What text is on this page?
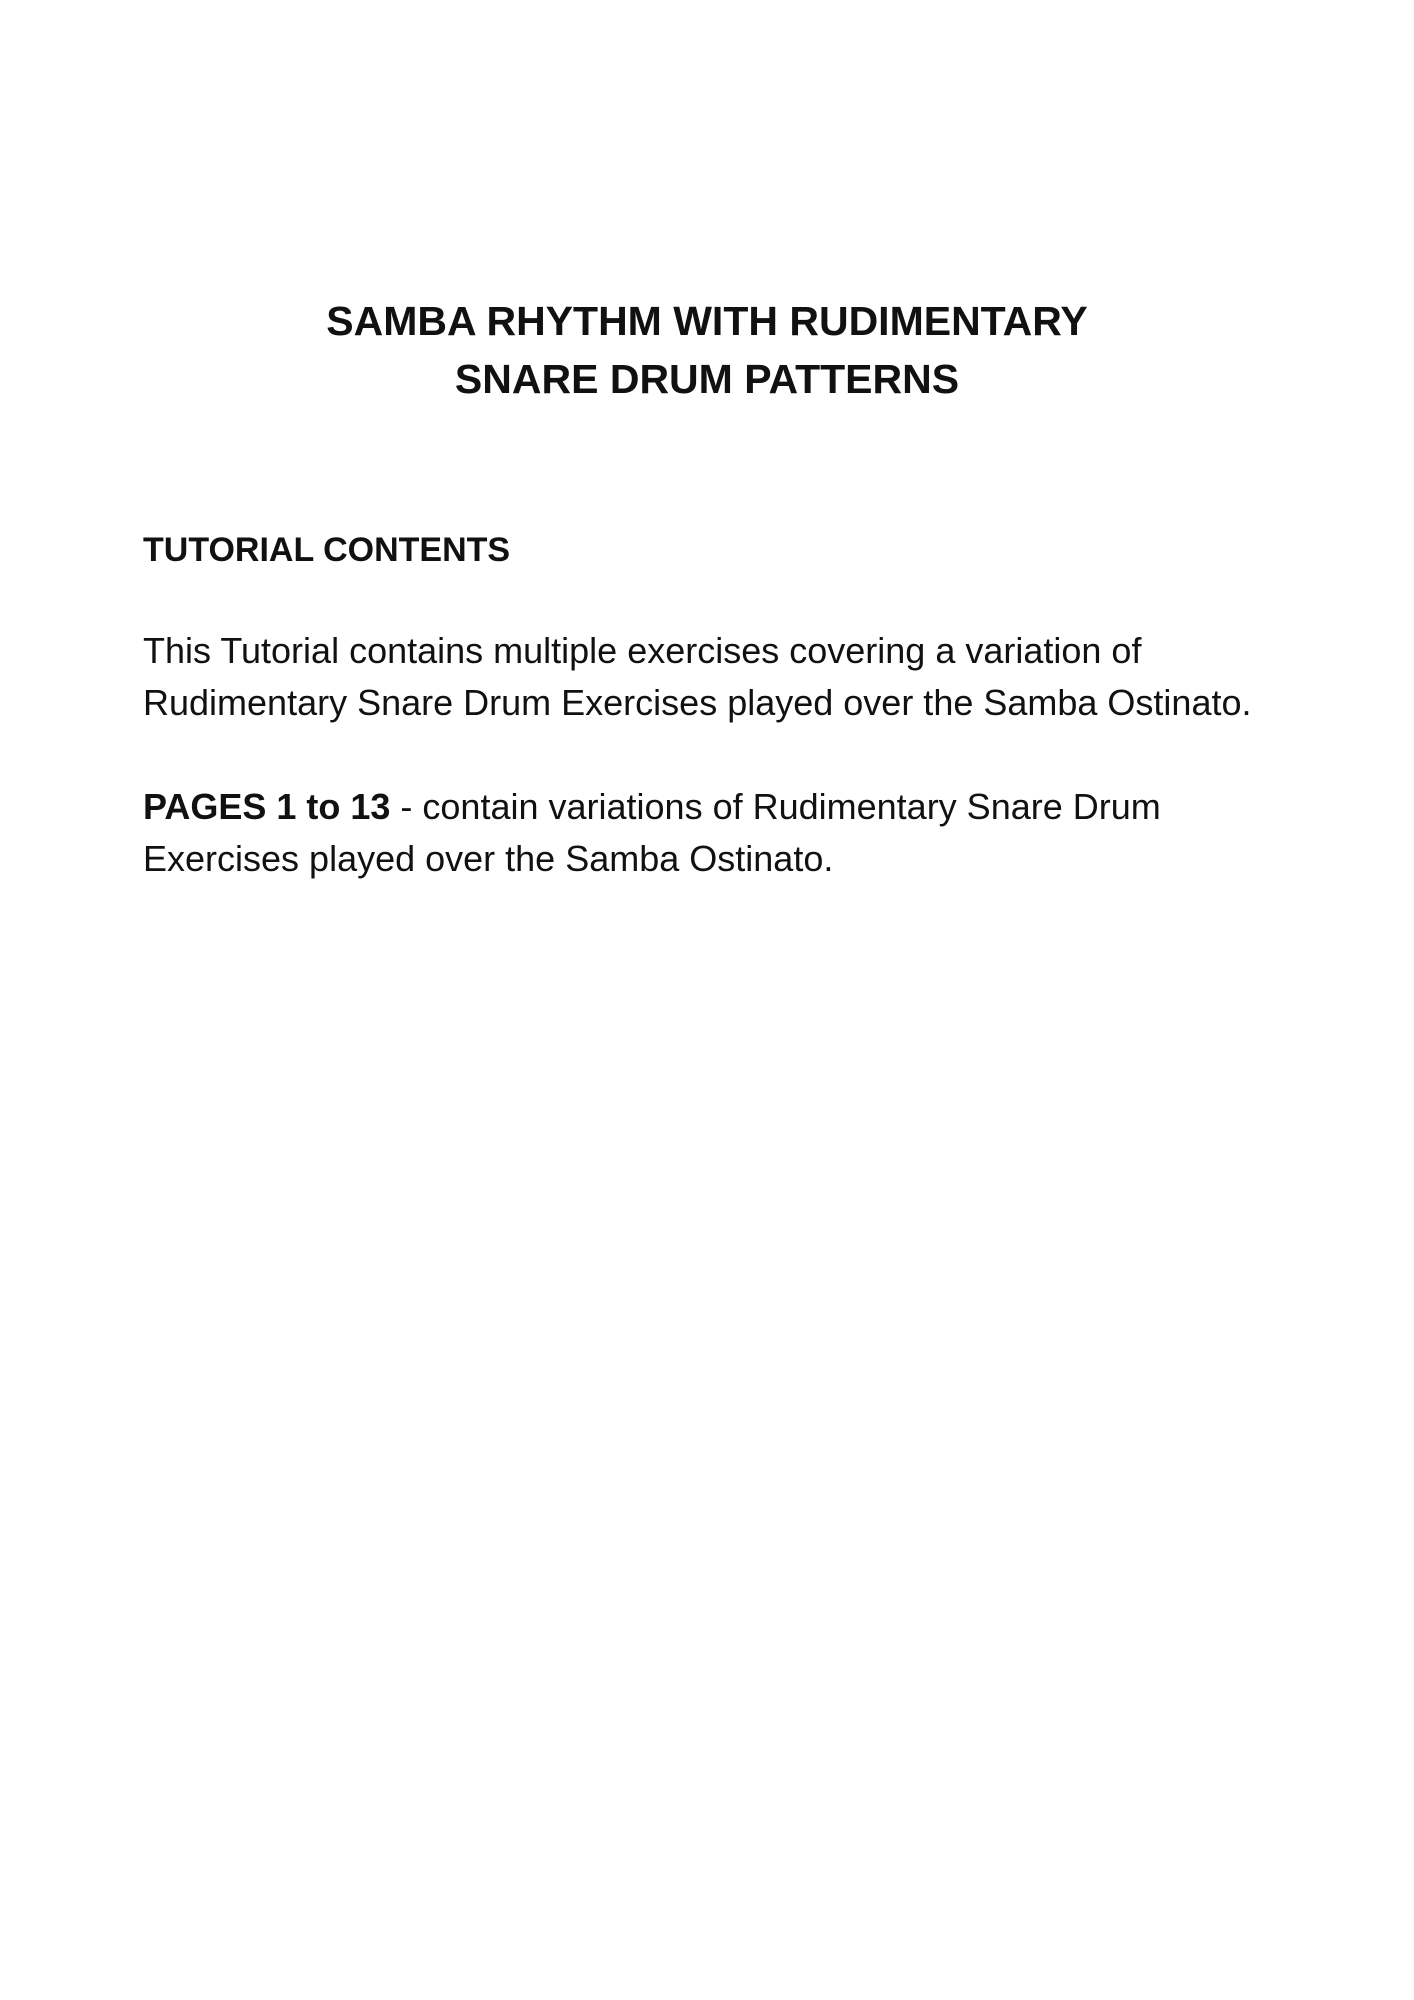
SAMBA RHYTHM WITH RUDIMENTARY
SNARE DRUM PATTERNS
TUTORIAL CONTENTS

This Tutorial contains multiple exercises covering a variation of Rudimentary Snare Drum Exercises played over the Samba Ostinato.

PAGES 1 to 13 - contain variations of Rudimentary Snare Drum Exercises played over the Samba Ostinato.
